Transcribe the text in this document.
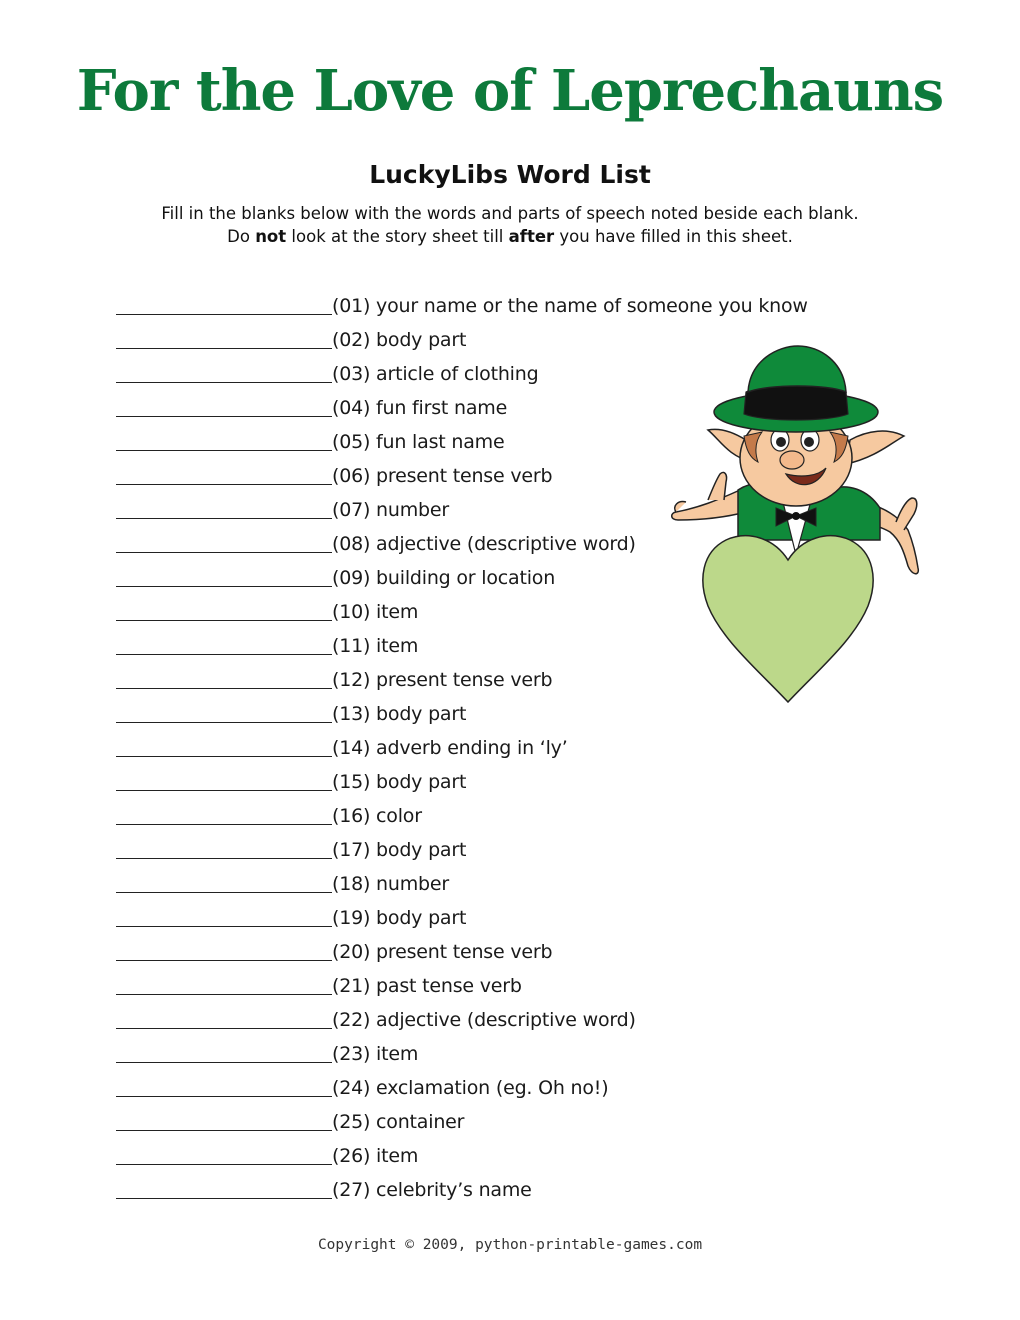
For the Love of Leprechauns
LuckyLibs Word List
Fill in the blanks below with the words and parts of speech noted beside each blank.
Do not look at the story sheet till after you have filled in this sheet.
(01) your name or the name of someone you know
(02) body part
(03) article of clothing
(04) fun first name
(05) fun last name
(06) present tense verb
(07) number
(08) adjective (descriptive word)
(09) building or location
(10) item
(11) item
(12) present tense verb
(13) body part
(14) adverb ending in ‘ly’
(15) body part
(16) color
(17) body part
(18) number
(19) body part
(20) present tense verb
(21) past tense verb
(22) adjective (descriptive word)
(23) item
(24) exclamation (eg. Oh no!)
(25) container
(26) item
(27) celebrity’s name
Copyright © 2009, python-printable-games.com
